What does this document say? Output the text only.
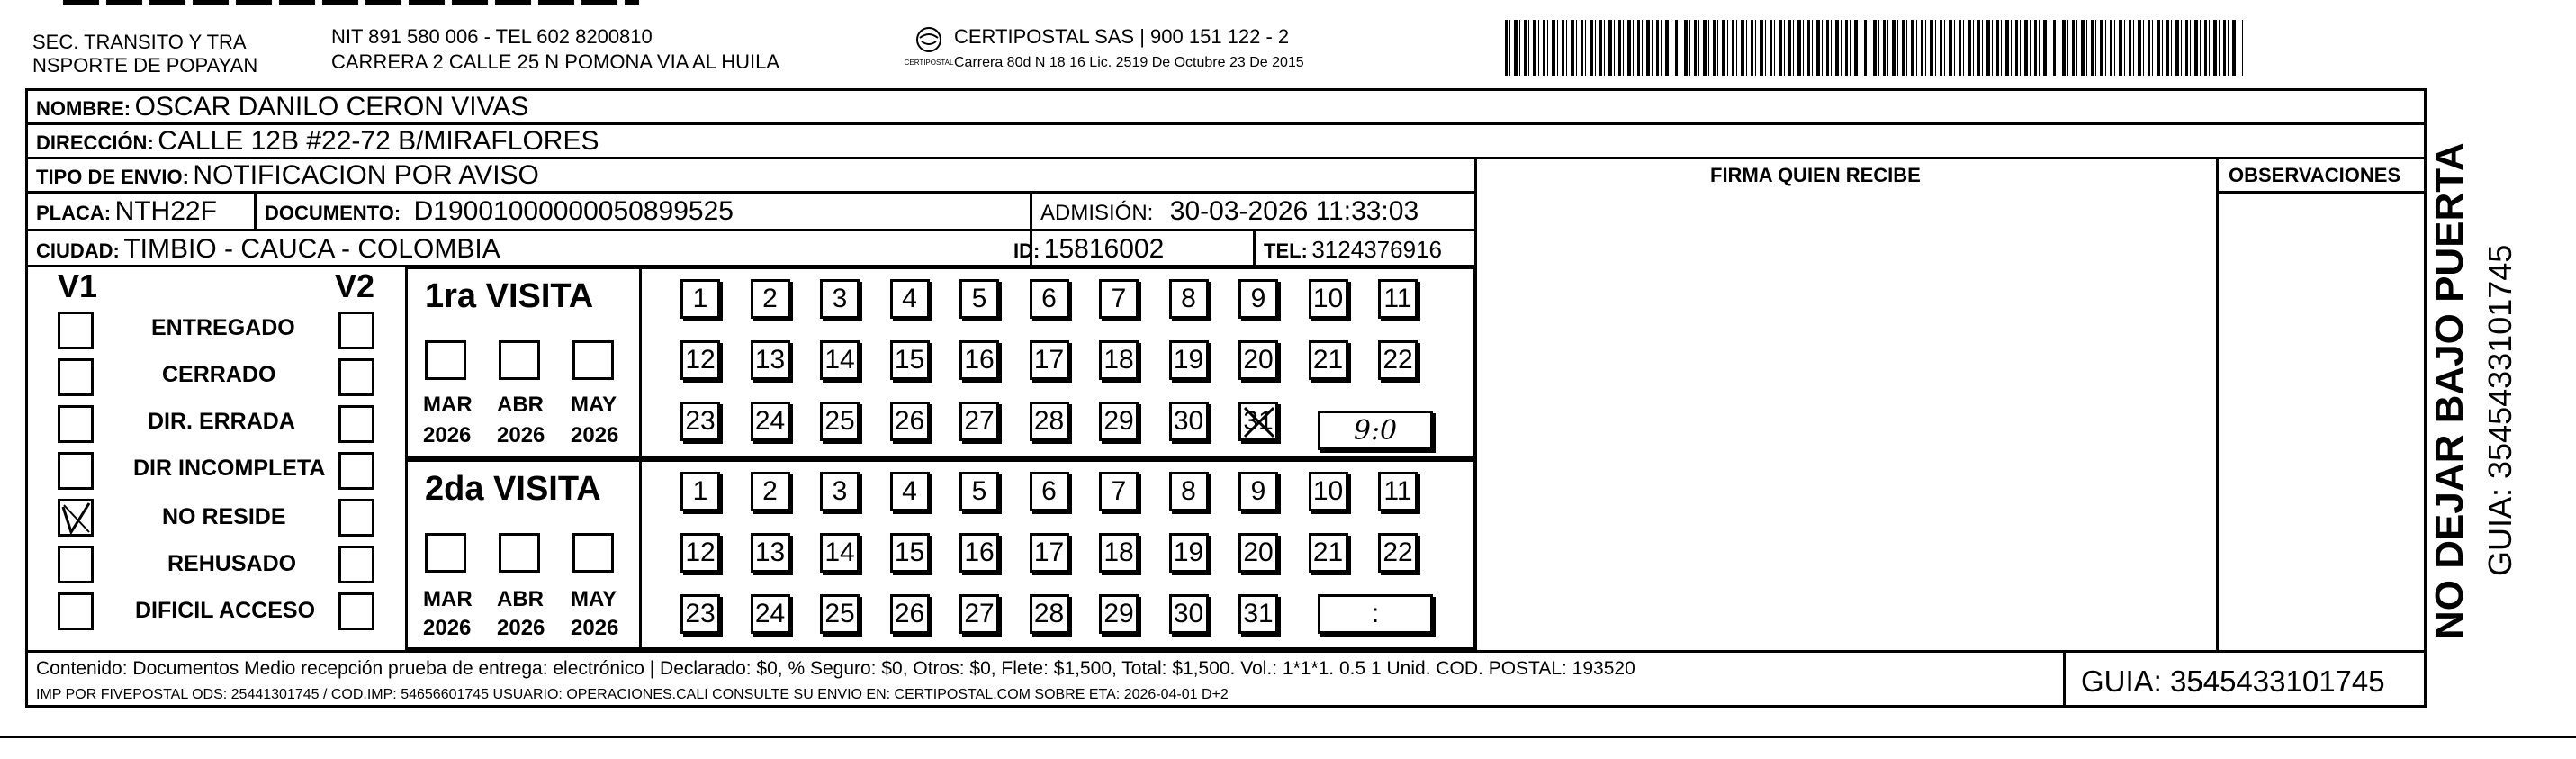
SEC. TRANSITO Y TRA
NSPORTE DE POPAYAN
NIT 891 580 006 - TEL 602 8200810
CARRERA 2 CALLE 25 N POMONA VIA AL HUILA	CERTIPOSTAL
CERTIPOSTAL SAS | 900 151 122 - 2
Carrera 80d N 18 16 Lic. 2519 De Octubre 23 De 2015
NOMBRE: OSCAR DANILO CERON VIVAS
DIRECCIÓN: CALLE 12B #22-72 B/MIRAFLORES
TIPO DE ENVIO: NOTIFICACION POR AVISO
PLACA: NTH22F DOCUMENTO: D19001000000050899525	ADMISIÓN: 30-03-2026 11:33:03
CIUDAD: TIMBIO - CAUCA - COLOMBIA	ID: 15816002	TEL: 3124376916
FIRMA QUIEN RECIBE	OBSERVACIONES
V1	V2
ENTREGADO
CERRADO
DIR. ERRADA
DIR INCOMPLETA
NO RESIDE
REHUSADO
DIFICIL ACCESO
1ra VISITA
2da VISITA
MAR ABR MAY
2026 2026 2026
MAR ABR MAY
2026 2026 2026
1 2 3 4 5 6 7 8 9 10 11
12 13 14 15 16 17 18 19 20 21 22
23 24 25 26 27 28 29 30 31
1 2 3 4 5 6 7 8 9 10 11
12 13 14 15 16 17 18 19 20 21 22
23 24 25 26 27 28 29 30 31
9:0
:
Contenido: Documentos Medio recepción prueba de entrega: electrónico | Declarado: $0, % Seguro: $0, Otros: $0, Flete: $1,500, Total: $1,500. Vol.: 1*1*1. 0.5 1 Unid. COD. POSTAL: 193520
IMP POR FIVEPOSTAL ODS: 25441301745 / COD.IMP: 54656601745 USUARIO: OPERACIONES.CALI CONSULTE SU ENVIO EN: CERTIPOSTAL.COM SOBRE ETA: 2026-04-01 D+2	GUIA: 3545433101745
NO DEJAR BAJO PUERTA GUIA: 3545433101745
